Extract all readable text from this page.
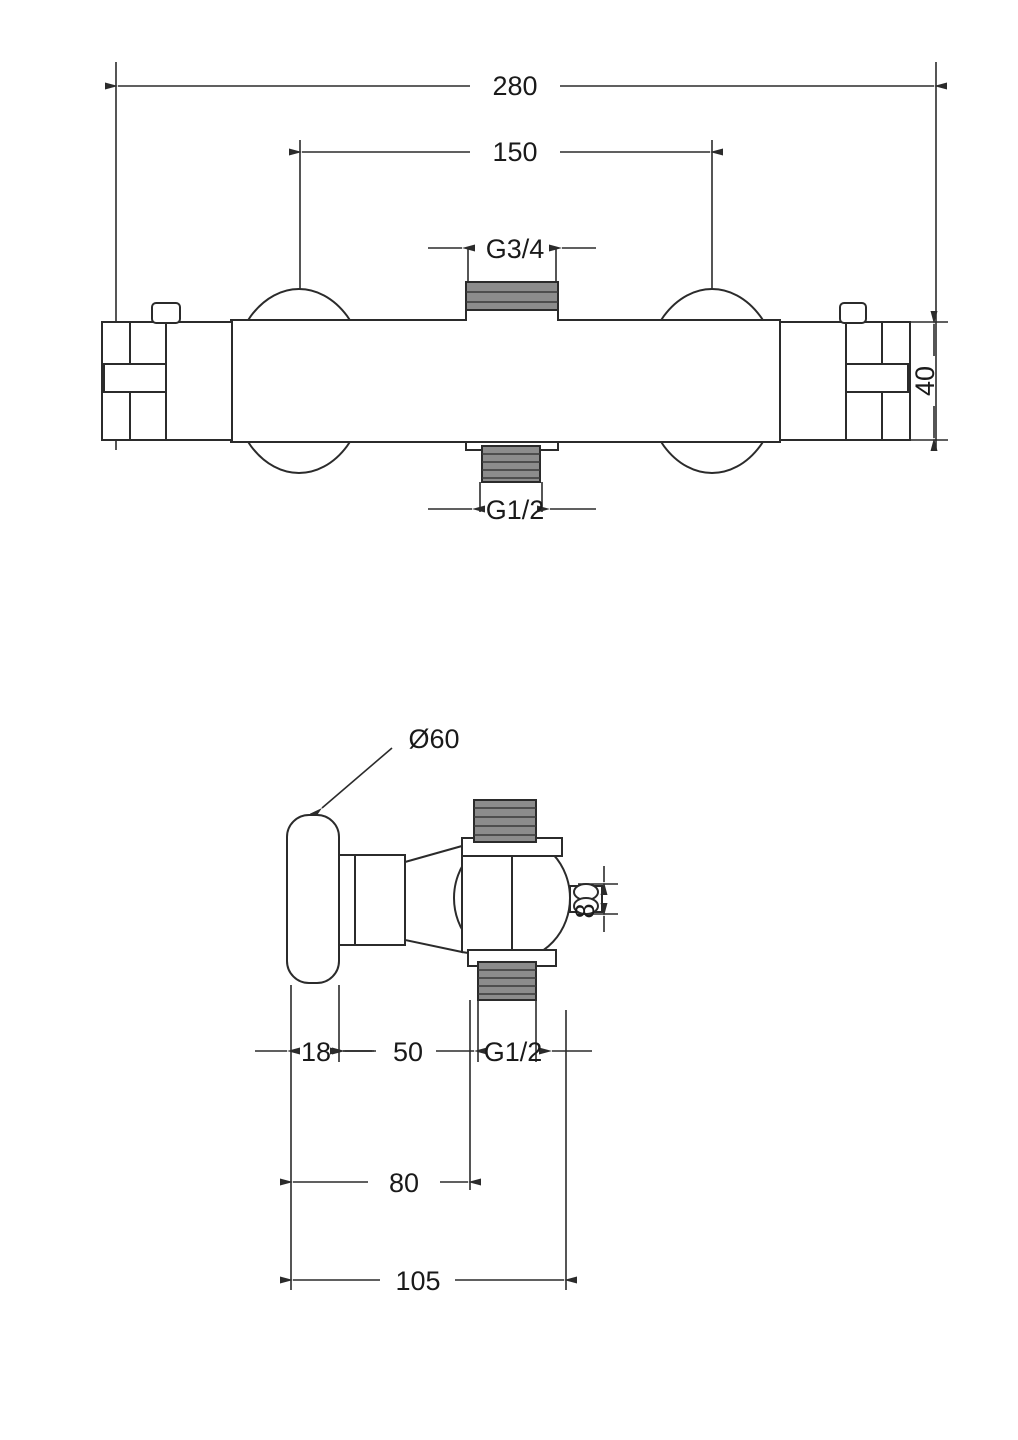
280
150
G3/4
G1/2
40
Ø60
18 50 G1/2
8
80
105
